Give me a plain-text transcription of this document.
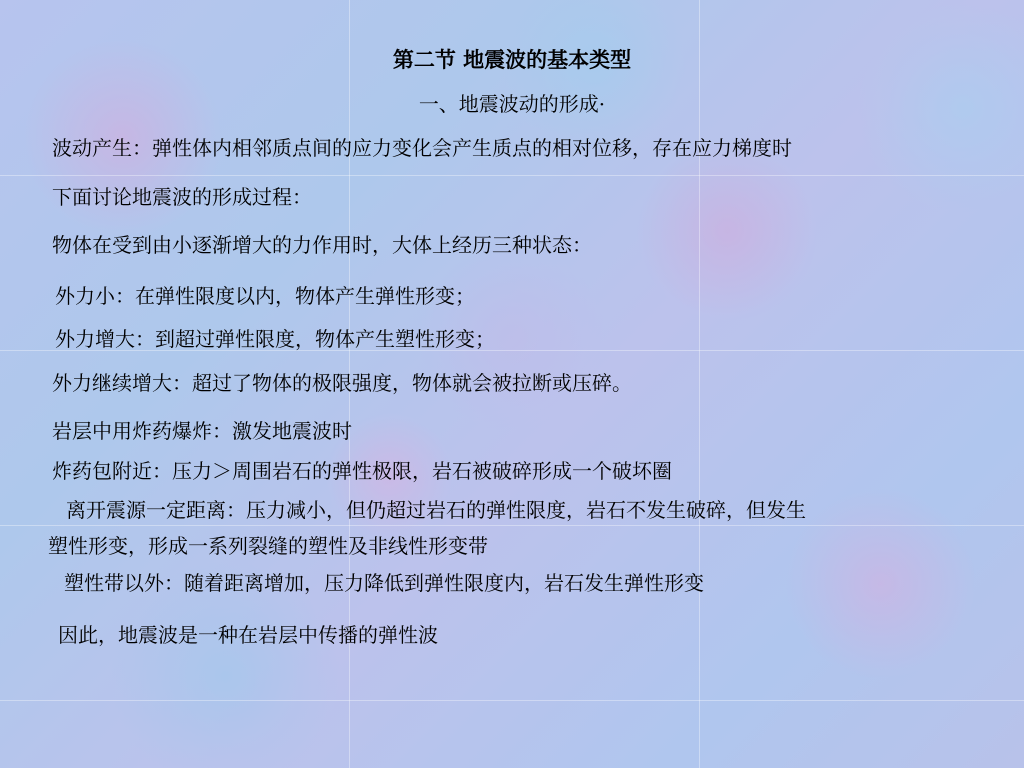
第二节 地震波的基本类型
一、地震波动的形成·
波动产生：弹性体内相邻质点间的应力变化会产生质点的相对位移，存在应力梯度时
下面讨论地震波的形成过程：
物体在受到由小逐渐增大的力作用时，大体上经历三种状态：
外力小：在弹性限度以内，物体产生弹性形变；
外力增大：到超过弹性限度，物体产生塑性形变；
外力继续增大：超过了物体的极限强度，物体就会被拉断或压碎。
岩层中用炸药爆炸：激发地震波时
炸药包附近：压力＞周围岩石的弹性极限，岩石被破碎形成一个破坏圈
离开震源一定距离：压力减小，但仍超过岩石的弹性限度，岩石不发生破碎，但发生
塑性形变，形成一系列裂缝的塑性及非线性形变带
塑性带以外：随着距离增加，压力降低到弹性限度内，岩石发生弹性形变
因此，地震波是一种在岩层中传播的弹性波
